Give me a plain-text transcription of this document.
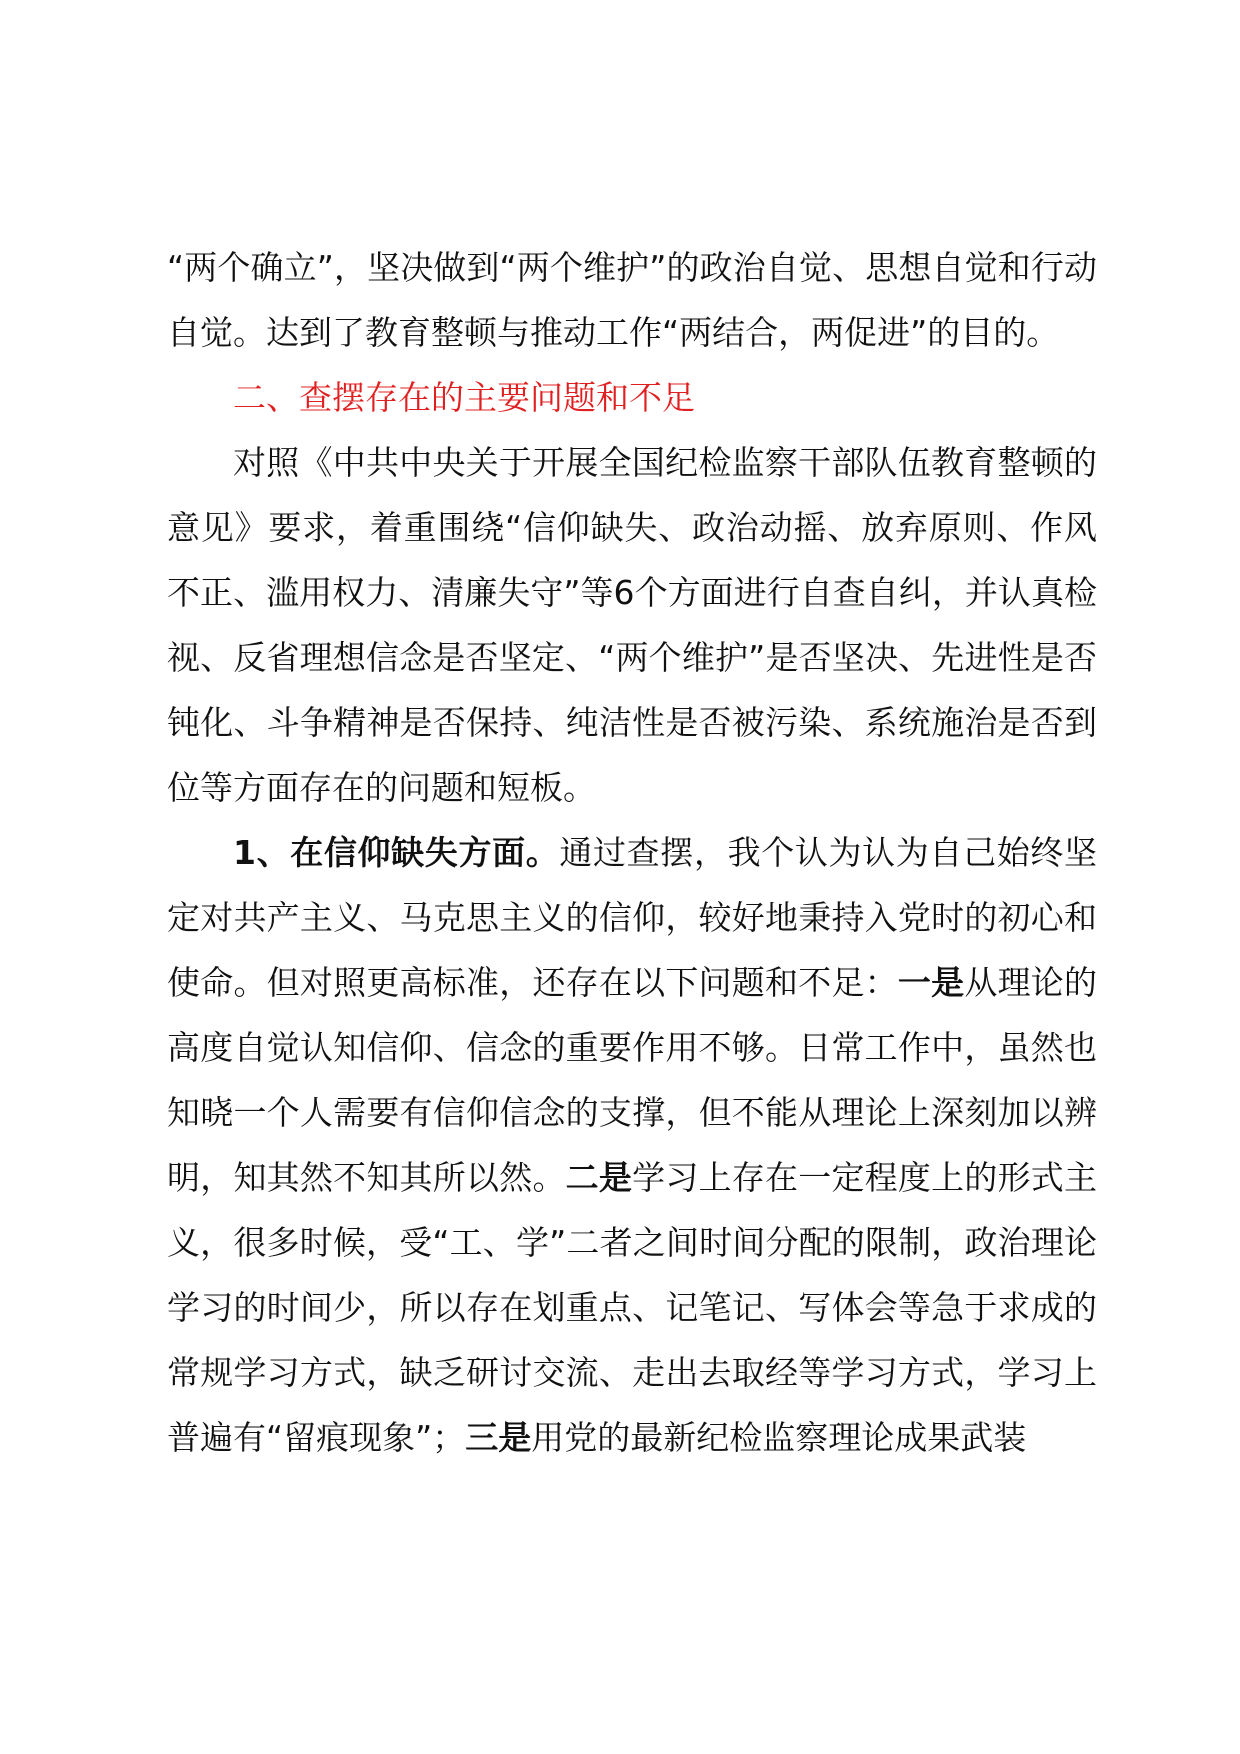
“两个确立”，坚决做到“两个维护”的政治自觉、思想自觉和行动自觉。达到了教育整顿与推动工作“两结合，两促进”的目的。

二、查摆存在的主要问题和不足

对照《中共中央关于开展全国纪检监察干部队伍教育整顿的意见》要求，着重围绕“信仰缺失、政治动摇、放弃原则、作风不正、滥用权力、清廉失守”等6个方面进行自查自纠，并认真检视、反省理想信念是否坚定、“两个维护”是否坚决、先进性是否钝化、斗争精神是否保持、纯洁性是否被污染、系统施治是否到位等方面存在的问题和短板。

1、在信仰缺失方面。通过查摆，我个认为认为自己始终坚定对共产主义、马克思主义的信仰，较好地秉持入党时的初心和使命。但对照更高标准，还存在以下问题和不足：一是从理论的高度自觉认知信仰、信念的重要作用不够。日常工作中，虽然也知晓一个人需要有信仰信念的支撑，但不能从理论上深刻加以辨明，知其然不知其所以然。二是学习上存在一定程度上的形式主义，很多时候，受“工、学”二者之间时间分配的限制，政治理论学习的时间少，所以存在划重点、记笔记、写体会等急于求成的常规学习方式，缺乏研讨交流、走出去取经等学习方式，学习上普遍有“留痕现象”；三是用党的最新纪检监察理论成果武装
